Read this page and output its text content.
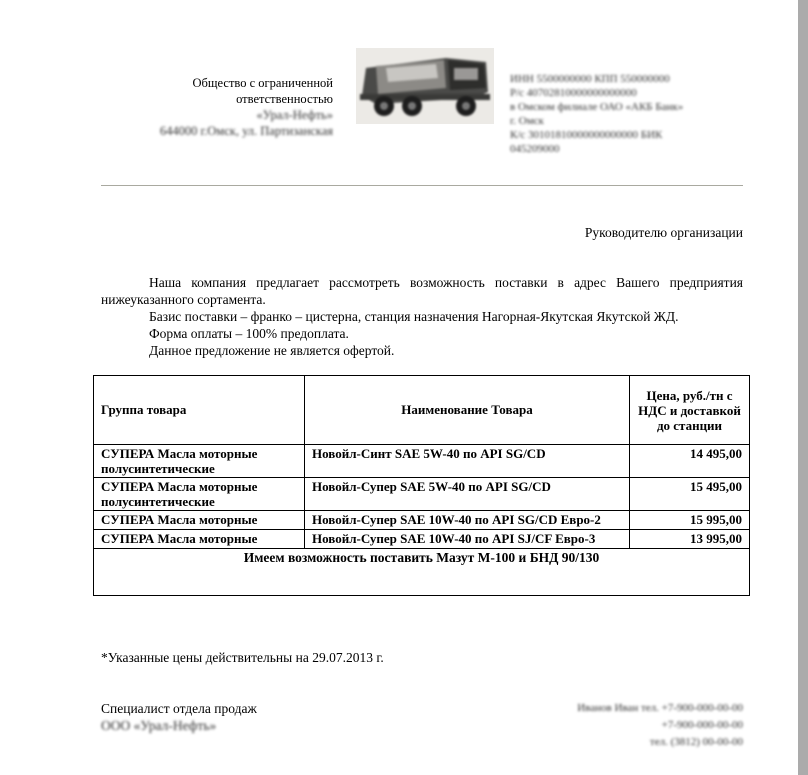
Общество с ограниченной
ответственностью
«Урал-Нефть»
644000 г.Омск, ул. Партизанская
ИНН 5500000000 КПП 550000000
Р/с 40702810000000000000
в Омском филиале ОАО «АКБ Банк»
г. Омск
К/с 30101810000000000000 БИК
045209000
Руководителю организации

Наша компания предлагает рассмотреть возможность поставки в адрес Вашего предприятия нижеуказанного сортамента.

Базис поставки – франко – цистерна, станция назначения Нагорная-Якутская Якутской ЖД.

Форма оплаты – 100% предоплата.

Данное предложение не является офертой.

Группа товара	Наименование Товара	Цена, руб./тн с НДС и доставкой до станции
СУПЕРА Масла моторные полусинтетические	Новойл-Синт SAE 5W-40 по API SG/CD	14 495,00
СУПЕРА Масла моторные полусинтетические	Новойл-Супер SAE 5W-40 по API SG/CD	15 495,00
СУПЕРА Масла моторные	Новойл-Супер SAE 10W-40 по API SG/CD Евро-2	15 995,00
СУПЕРА Масла моторные	Новойл-Супер SAE 10W-40 по API SJ/CF Евро-3	13 995,00
Имеем возможность поставить Мазут М-100 и БНД 90/130		
*Указанные цены действительны на 29.07.2013 г.
Специалист отдела продаж
ООО «Урал-Нефть»
Иванов Иван тел. +7-900-000-00-00
+7-900-000-00-00
тел. (3812) 00-00-00
